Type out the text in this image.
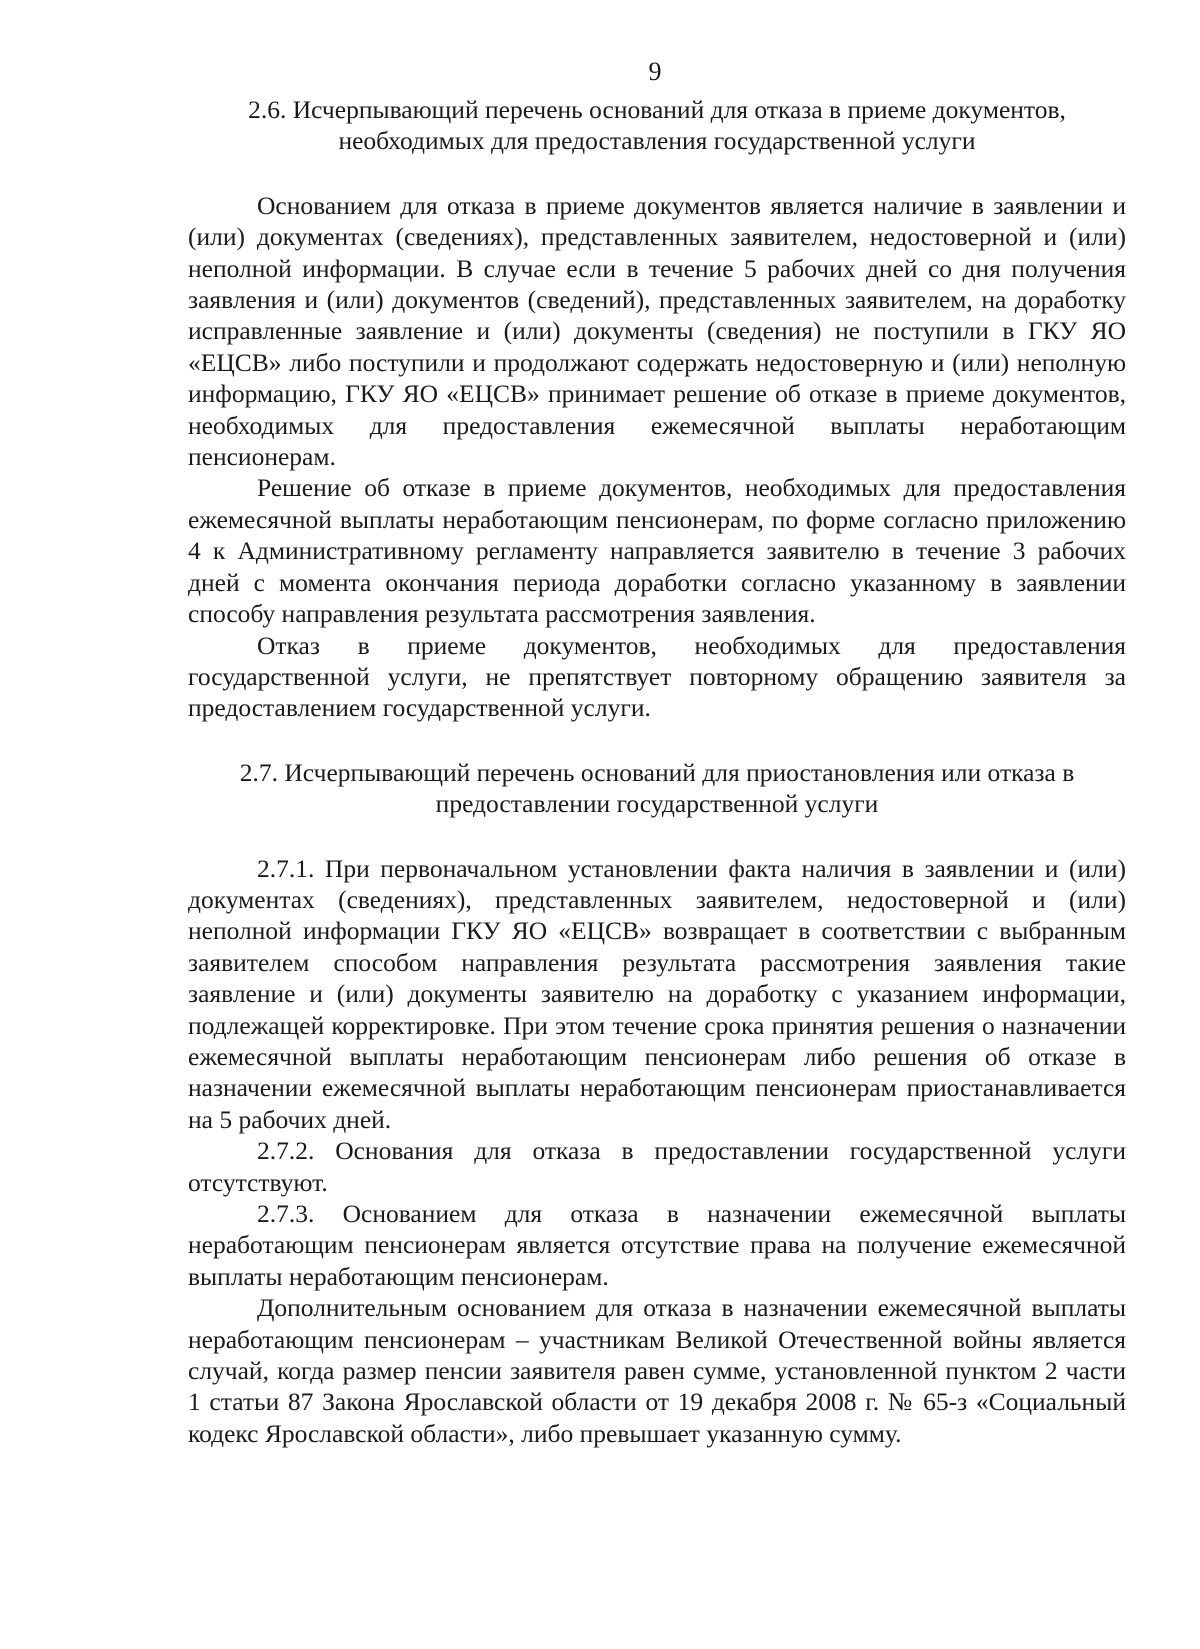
9
2.6. Исчерпывающий перечень оснований для отказа в приеме документов, необходимых для предоставления государственной услуги

Основанием для отказа в приеме документов является наличие в заявлении и (или) документах (сведениях), представленных заявителем, недостоверной и (или) неполной информации. В случае если в течение 5 рабочих дней со дня получения заявления и (или) документов (сведений), представленных заявителем, на доработку исправленные заявление и (или) документы (сведения) не поступили в ГКУ ЯО «ЕЦСВ» либо поступили и продолжают содержать недостоверную и (или) неполную информацию, ГКУ ЯО «ЕЦСВ» принимает решение об отказе в приеме документов, необходимых для предоставления ежемесячной выплаты неработающим пенсионерам.

Решение об отказе в приеме документов, необходимых для предоставления ежемесячной выплаты неработающим пенсионерам, по форме согласно приложению 4 к Административному регламенту направляется заявителю в течение 3 рабочих дней с момента окончания периода доработки согласно указанному в заявлении способу направления результата рассмотрения заявления.

Отказ в приеме документов, необходимых для предоставления государственной услуги, не препятствует повторному обращению заявителя за предоставлением государственной услуги.

2.7. Исчерпывающий перечень оснований для приостановления или отказа в предоставлении государственной услуги

2.7.1. При первоначальном установлении факта наличия в заявлении и (или) документах (сведениях), представленных заявителем, недостоверной и (или) неполной информации ГКУ ЯО «ЕЦСВ» возвращает в соответствии с выбранным заявителем способом направления результата рассмотрения заявления такие заявление и (или) документы заявителю на доработку с указанием информации, подлежащей корректировке. При этом течение срока принятия решения о назначении ежемесячной выплаты неработающим пенсионерам либо решения об отказе в назначении ежемесячной выплаты неработающим пенсионерам приостанавливается на 5 рабочих дней.

2.7.2. Основания для отказа в предоставлении государственной услуги отсутствуют.

2.7.3. Основанием для отказа в назначении ежемесячной выплаты неработающим пенсионерам является отсутствие права на получение ежемесячной выплаты неработающим пенсионерам.

Дополнительным основанием для отказа в назначении ежемесячной выплаты неработающим пенсионерам – участникам Великой Отечественной войны является случай, когда размер пенсии заявителя равен сумме, установленной пунктом 2 части 1 статьи 87 Закона Ярославской области от 19 декабря 2008 г. № 65-з «Социальный кодекс Ярославской области», либо превышает указанную сумму.
